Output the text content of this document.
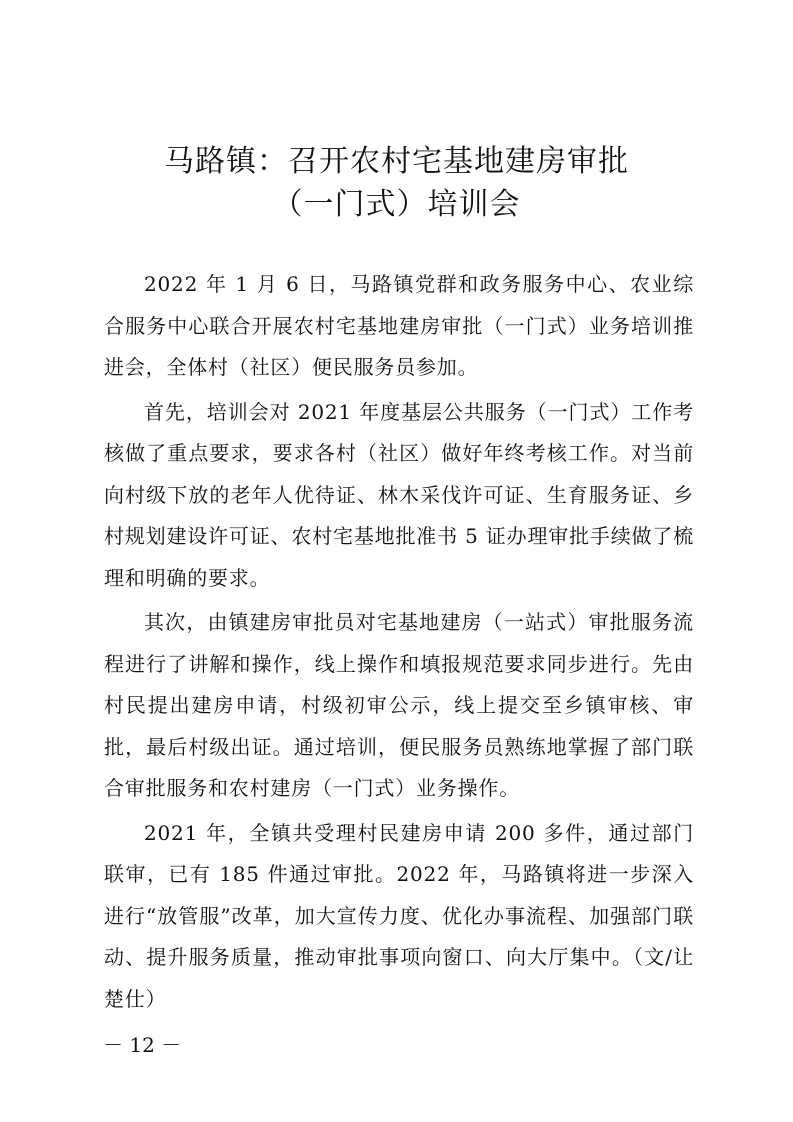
马路镇：召开农村宅基地建房审批
（一门式）培训会

2022 年 1 月 6 日，马路镇党群和政务服务中心、农业综合服务中心联合开展农村宅基地建房审批（一门式）业务培训推进会，全体村（社区）便民服务员参加。

首先，培训会对 2021 年度基层公共服务（一门式）工作考核做了重点要求，要求各村（社区）做好年终考核工作。对当前向村级下放的老年人优待证、林木采伐许可证、生育服务证、乡村规划建设许可证、农村宅基地批准书 5 证办理审批手续做了梳理和明确的要求。

其次，由镇建房审批员对宅基地建房（一站式）审批服务流程进行了讲解和操作，线上操作和填报规范要求同步进行。先由村民提出建房申请，村级初审公示，线上提交至乡镇审核、审批，最后村级出证。通过培训，便民服务员熟练地掌握了部门联合审批服务和农村建房（一门式）业务操作。

2021 年，全镇共受理村民建房申请 200 多件，通过部门联审，已有 185 件通过审批。2022 年，马路镇将进一步深入进行“放管服”改革，加大宣传力度、优化办事流程、加强部门联动、提升服务质量，推动审批事项向窗口、向大厅集中。（文/让楚仕）

－ 12 －
